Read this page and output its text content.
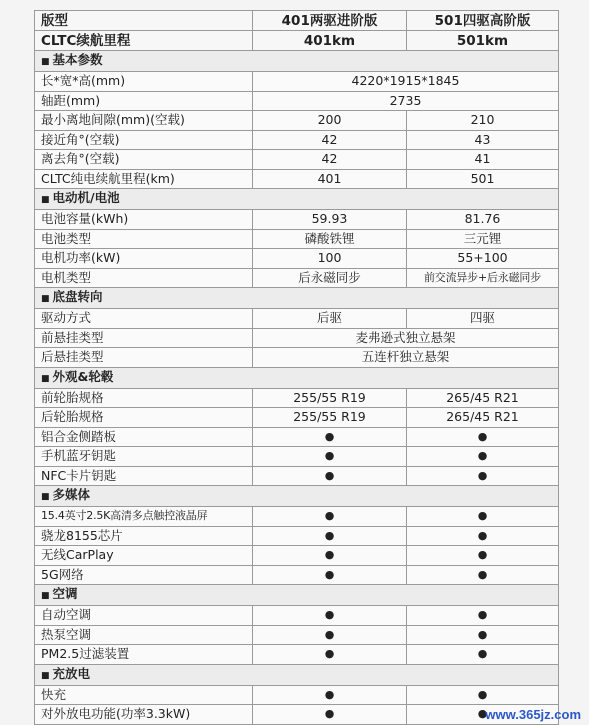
版型	401两驱进阶版	501四驱高阶版
CLTC续航里程	401km	501km
■ 基本参数		
长*宽*高(mm)	4220*1915*1845	
轴距(mm)	2735	
最小离地间隙(mm)(空载)	200	210
接近角°(空载)	42	43
离去角°(空载)	42	41
CLTC纯电续航里程(km)	401	501
■ 电动机/电池		
电池容量(kWh)	59.93	81.76
电池类型	磷酸铁锂	三元锂
电机功率(kW)	100	55+100
电机类型	后永磁同步	前交流异步+后永磁同步
■ 底盘转向		
驱动方式	后驱	四驱
前悬挂类型	麦弗逊式独立悬架	
后悬挂类型	五连杆独立悬架	
■ 外观&轮毂		
前轮胎规格	255/55 R19	265/45 R21
后轮胎规格	255/55 R19	265/45 R21
铝合金侧踏板	●	●
手机蓝牙钥匙	●	●
NFC卡片钥匙	●	●
■ 多媒体		
15.4英寸2.5K高清多点触控液晶屏	●	●
骁龙8155芯片	●	●
无线CarPlay	●	●
5G网络	●	●
■ 空调		
自动空调	●	●
热泵空调	●	●
PM2.5过滤装置	●	●
■ 充放电		
快充	●	●
对外放电功能(功率3.3kW)	●	●
www.365jz.com
